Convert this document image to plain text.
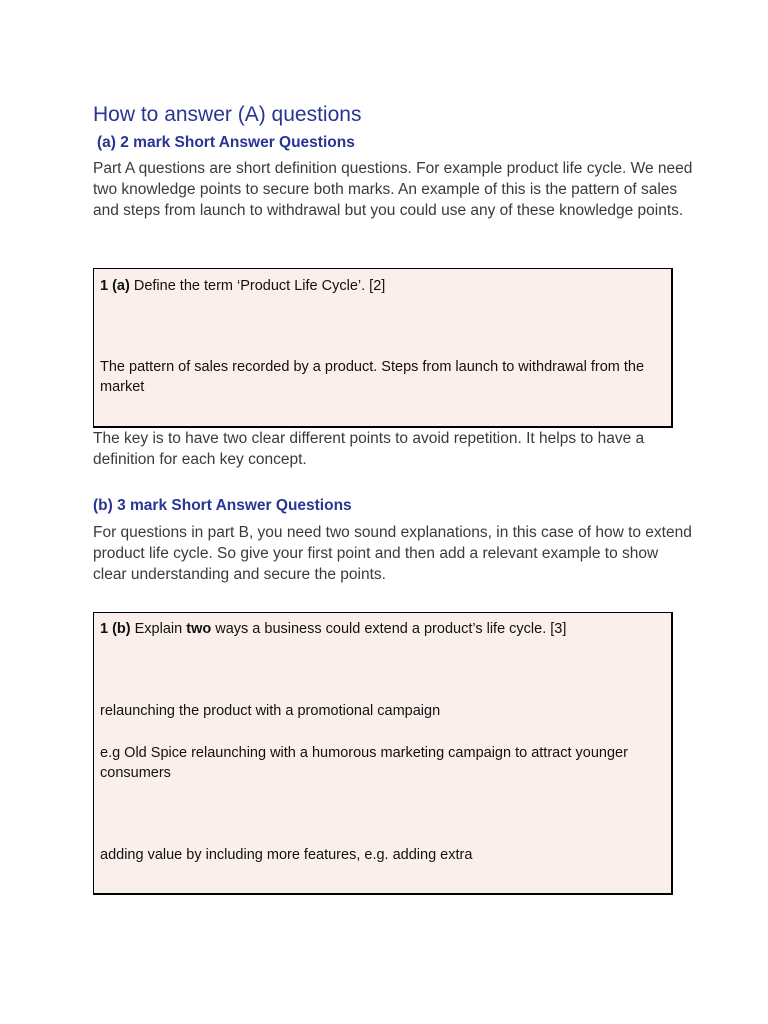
How to answer (A) questions
(a) 2 mark Short Answer Questions
Part A questions are short definition questions. For example product life cycle. We need two knowledge points to secure both marks. An example of this is the pattern of sales and steps from launch to withdrawal but you could use any of these knowledge points.
1 (a) Define the term ‘Product Life Cycle’. [2]
The pattern of sales recorded by a product. Steps from launch to withdrawal from the market
The key is to have two clear different points to avoid repetition. It helps to have a definition for each key concept.
(b) 3 mark Short Answer Questions
For questions in part B, you need two sound explanations, in this case of how to extend product life cycle. So give your first point and then add a relevant example to show clear understanding and secure the points.
1 (b) Explain two ways a business could extend a product’s life cycle. [3]
relaunching the product with a promotional campaign
e.g Old Spice relaunching with a humorous marketing campaign to attract younger consumers
adding value by including more features, e.g. adding extra
